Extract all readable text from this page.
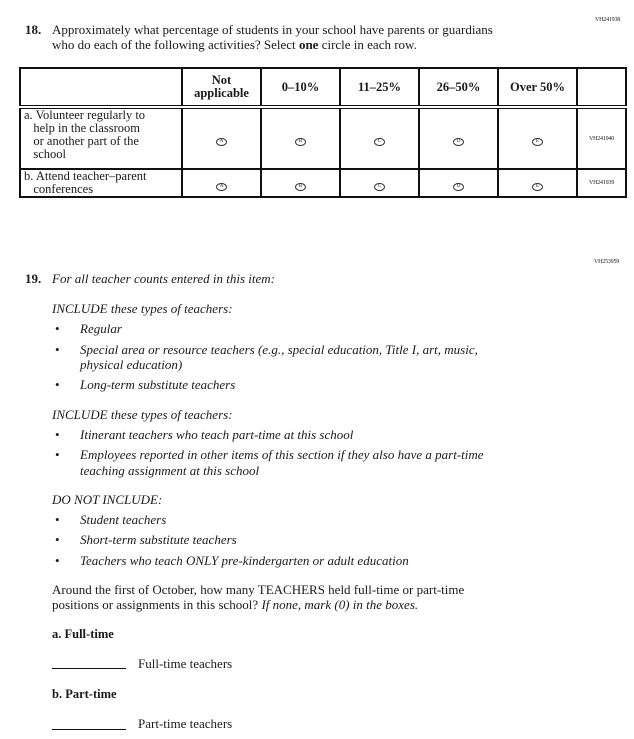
VH241938
18. Approximately what percentage of students in your school have parents or guardians
who do each of the following activities? Select one circle in each row.
	Not applicable	0–10%	11–25%	26–50%	Over 50%	
a. Volunteer regularly to
help in the classroom
or another part of the
school	A	B	C	D	E	VH241940
b. Attend teacher–parent
conferences	A	B	C	D	E	VH241939
VH253959
19. For all teacher counts entered in this item:
INCLUDE these types of teachers:
• Regular
• Special area or resource teachers (e.g., special education, Title I, art, music,
physical education)
• Long-term substitute teachers
INCLUDE these types of teachers:
• Itinerant teachers who teach part-time at this school
• Employees reported in other items of this section if they also have a part-time
teaching assignment at this school
DO NOT INCLUDE:
• Student teachers
• Short-term substitute teachers
• Teachers who teach ONLY pre-kindergarten or adult education
Around the first of October, how many TEACHERS held full-time or part-time
positions or assignments in this school? If none, mark (0) in the boxes.
a. Full-time
Full-time teachers
b. Part-time
Part-time teachers
